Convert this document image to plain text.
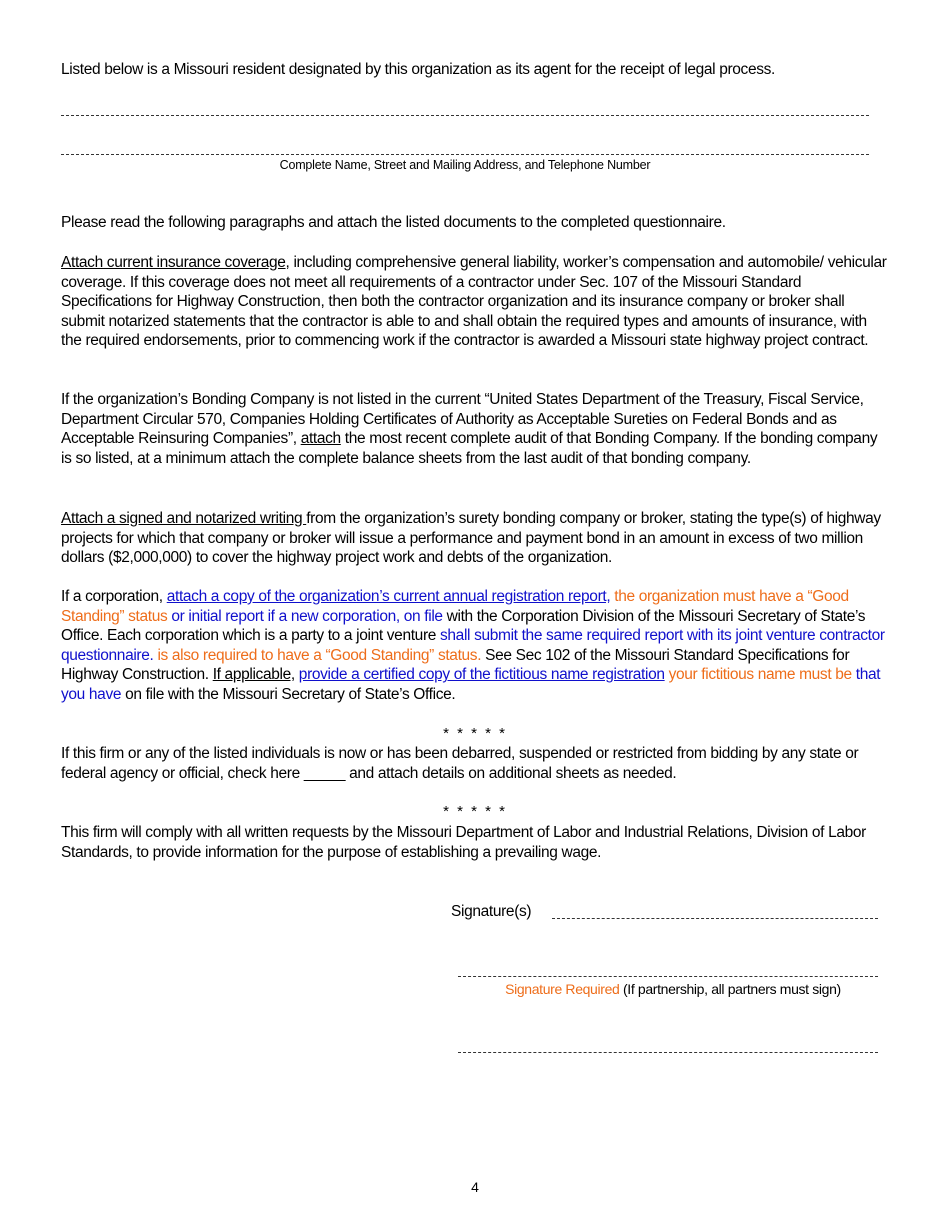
Listed below is a Missouri resident designated by this organization as its agent for the receipt of legal process.

Complete Name, Street and Mailing Address, and Telephone Number

Please read the following paragraphs and attach the listed documents to the completed questionnaire.

Attach current insurance coverage, including comprehensive general liability, worker’s compensation and automobile/ vehicular coverage. If this coverage does not meet all requirements of a contractor under Sec. 107 of the Missouri Standard Specifications for Highway Construction, then both the contractor organization and its insurance company or broker shall submit notarized statements that the contractor is able to and shall obtain the required types and amounts of insurance, with the required endorsements, prior to commencing work if the contractor is awarded a Missouri state highway project contract.

If the organization’s Bonding Company is not listed in the current “United States Department of the Treasury, Fiscal Service, Department Circular 570, Companies Holding Certificates of Authority as Acceptable Sureties on Federal Bonds and as Acceptable Reinsuring Companies”, attach the most recent complete audit of that Bonding Company. If the bonding company is so listed, at a minimum attach the complete balance sheets from the last audit of that bonding company.

Attach a signed and notarized writing from the organization’s surety bonding company or broker, stating the type(s) of highway projects for which that company or broker will issue a performance and payment bond in an amount in excess of two million dollars ($2,000,000) to cover the highway project work and debts of the organization.

If a corporation, attach a copy of the organization’s current annual registration report, the organization must have a “Good Standing” status or initial report if a new corporation, on file with the Corporation Division of the Missouri Secretary of State’s Office. Each corporation which is a party to a joint venture shall submit the same required report with its joint venture contractor questionnaire. is also required to have a “Good Standing” status. See Sec 102 of the Missouri Standard Specifications for Highway Construction. If applicable, provide a certified copy of the fictitious name registration your fictitious name must be that you have on file with the Missouri Secretary of State’s Office.

* * * * *

If this firm or any of the listed individuals is now or has been debarred, suspended or restricted from bidding by any state or federal agency or official, check here _____ and attach details on additional sheets as needed.

* * * * *

This firm will comply with all written requests by the Missouri Department of Labor and Industrial Relations, Division of Labor Standards, to provide information for the purpose of establishing a prevailing wage.

Signature(s)
Signature Required (If partnership, all partners must sign)
4
